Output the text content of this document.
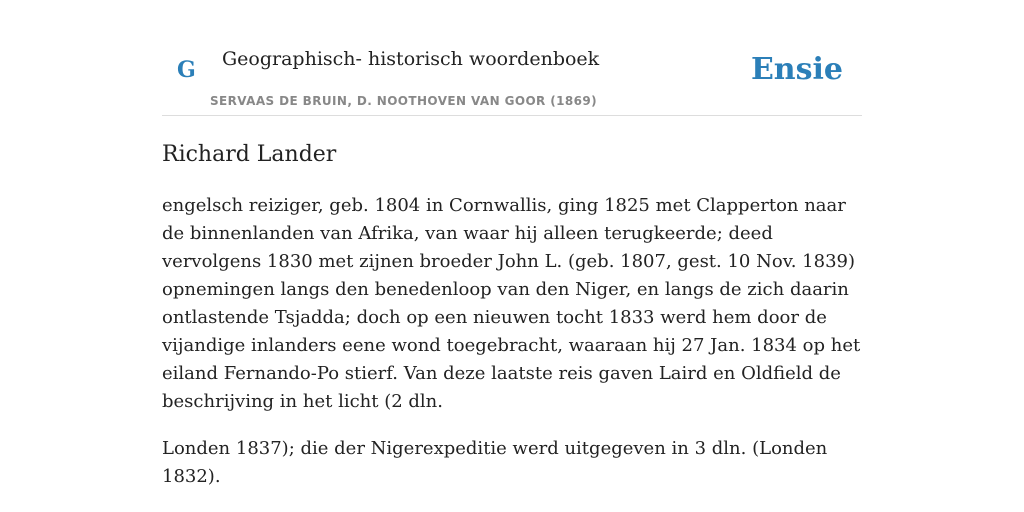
G Geographisch- historisch woordenboek
SERVAAS DE BRUIN, D. NOOTHOVEN VAN GOOR (1869)
Ensie
Richard Lander

engelsch reiziger, geb. 1804 in Cornwallis, ging 1825 met Clapperton naar de binnenlanden van Afrika, van waar hij alleen terugkeerde; deed vervolgens 1830 met zijnen broeder John L. (geb. 1807, gest. 10 Nov. 1839) opnemingen langs den benedenloop van den Niger, en langs de zich daarin ontlastende Tsjadda; doch op een nieuwen tocht 1833 werd hem door de vijandige inlanders eene wond toegebracht, waaraan hij 27 Jan. 1834 op het eiland Fernando-Po stierf. Van deze laatste reis gaven Laird en Oldfield de beschrijving in het licht (2 dln.

Londen 1837); die der Nigerexpeditie werd uitgegeven in 3 dln. (Londen 1832).
